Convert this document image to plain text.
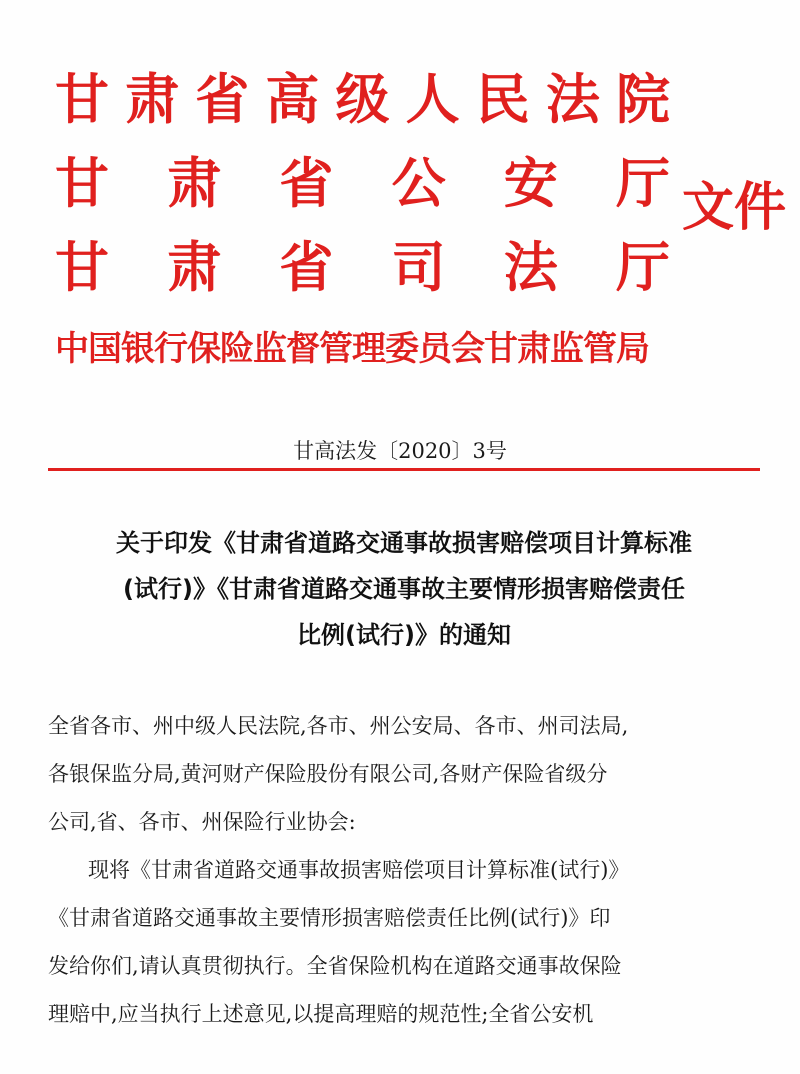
甘 肃 省 高 级 人 民 法 院
甘 肃 省 公 安 厅
甘 肃 省 司 法 厅
中国银行保险监督管理委员会甘肃监管局
文件
甘高法发〔2020〕3号
关于印发《甘肃省道路交通事故损害赔偿项目计算标准
(试行)》《甘肃省道路交通事故主要情形损害赔偿责任
比例(试行)》的通知
全省各市、州中级人民法院,各市、州公安局、各市、州司法局,
各银保监分局,黄河财产保险股份有限公司,各财产保险省级分
公司,省、各市、州保险行业协会:
现将《甘肃省道路交通事故损害赔偿项目计算标准(试行)》
《甘肃省道路交通事故主要情形损害赔偿责任比例(试行)》印
发给你们,请认真贯彻执行。全省保险机构在道路交通事故保险
理赔中,应当执行上述意见,以提高理赔的规范性;全省公安机
